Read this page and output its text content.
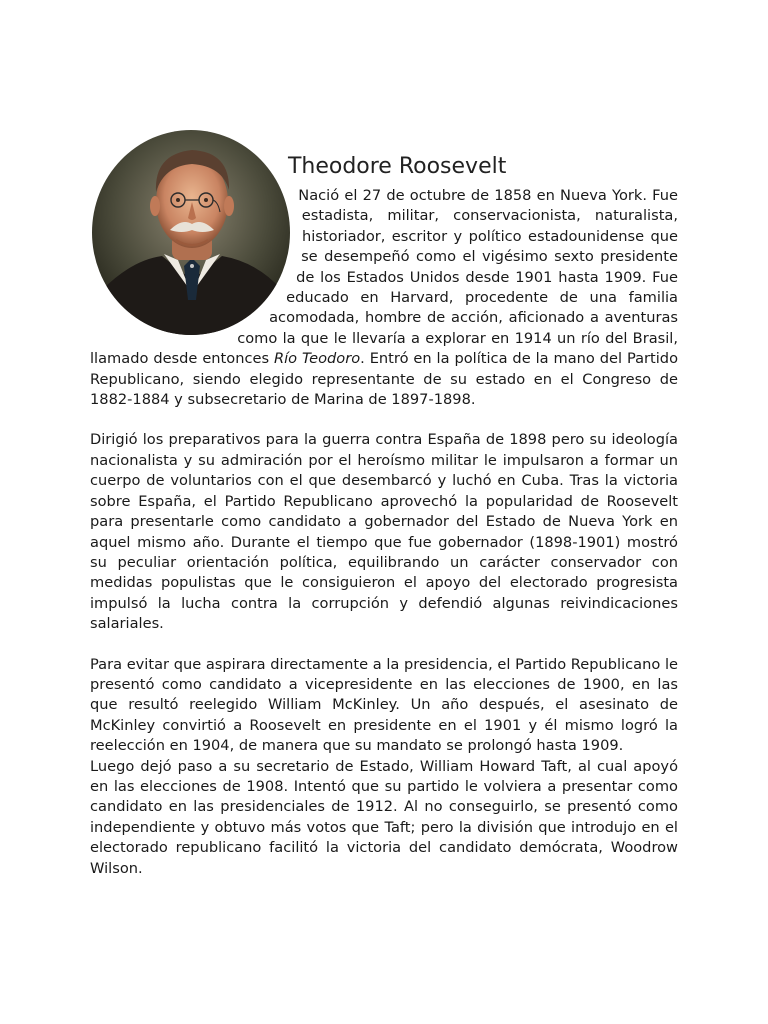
Theodore Roosevelt

Nació el 27 de octubre de 1858 en Nueva York. Fue estadista, militar, conservacionista, naturalista, historiador, escritor y político estadounidense que se desempeñó como el vigésimo sexto presidente de los Estados Unidos desde 1901 hasta 1909. Fue educado en Harvard, procedente de una familia acomodada, hombre de acción, aficionado a aventuras como la que le llevaría a explorar en 1914 un río del Brasil, llamado desde entonces Río Teodoro. Entró en la política de la mano del Partido Republicano, siendo elegido representante de su estado en el Congreso de 1882-1884 y subsecretario de Marina de 1897-1898.

Dirigió los preparativos para la guerra contra España de 1898 pero su ideología nacionalista y su admiración por el heroísmo militar le impulsaron a formar un cuerpo de voluntarios con el que desembarcó y luchó en Cuba. Tras la victoria sobre España, el Partido Republicano aprovechó la popularidad de Roosevelt para presentarle como candidato a gobernador del Estado de Nueva York en aquel mismo año. Durante el tiempo que fue gobernador (1898-1901) mostró su peculiar orientación política, equilibrando un carácter conservador con medidas populistas que le consiguieron el apoyo del electorado progresista impulsó la lucha contra la corrupción y defendió algunas reivindicaciones salariales.

Para evitar que aspirara directamente a la presidencia, el Partido Republicano le presentó como candidato a vicepresidente en las elecciones de 1900, en las que resultó reelegido William McKinley. Un año después, el asesinato de McKinley convirtió a Roosevelt en presidente en el 1901 y él mismo logró la reelección en 1904, de manera que su mandato se prolongó hasta 1909.

Luego dejó paso a su secretario de Estado, William Howard Taft, al cual apoyó en las elecciones de 1908. Intentó que su partido le volviera a presentar como candidato en las presidenciales de 1912. Al no conseguirlo, se presentó como independiente y obtuvo más votos que Taft; pero la división que introdujo en el electorado republicano facilitó la victoria del candidato demócrata, Woodrow Wilson.
